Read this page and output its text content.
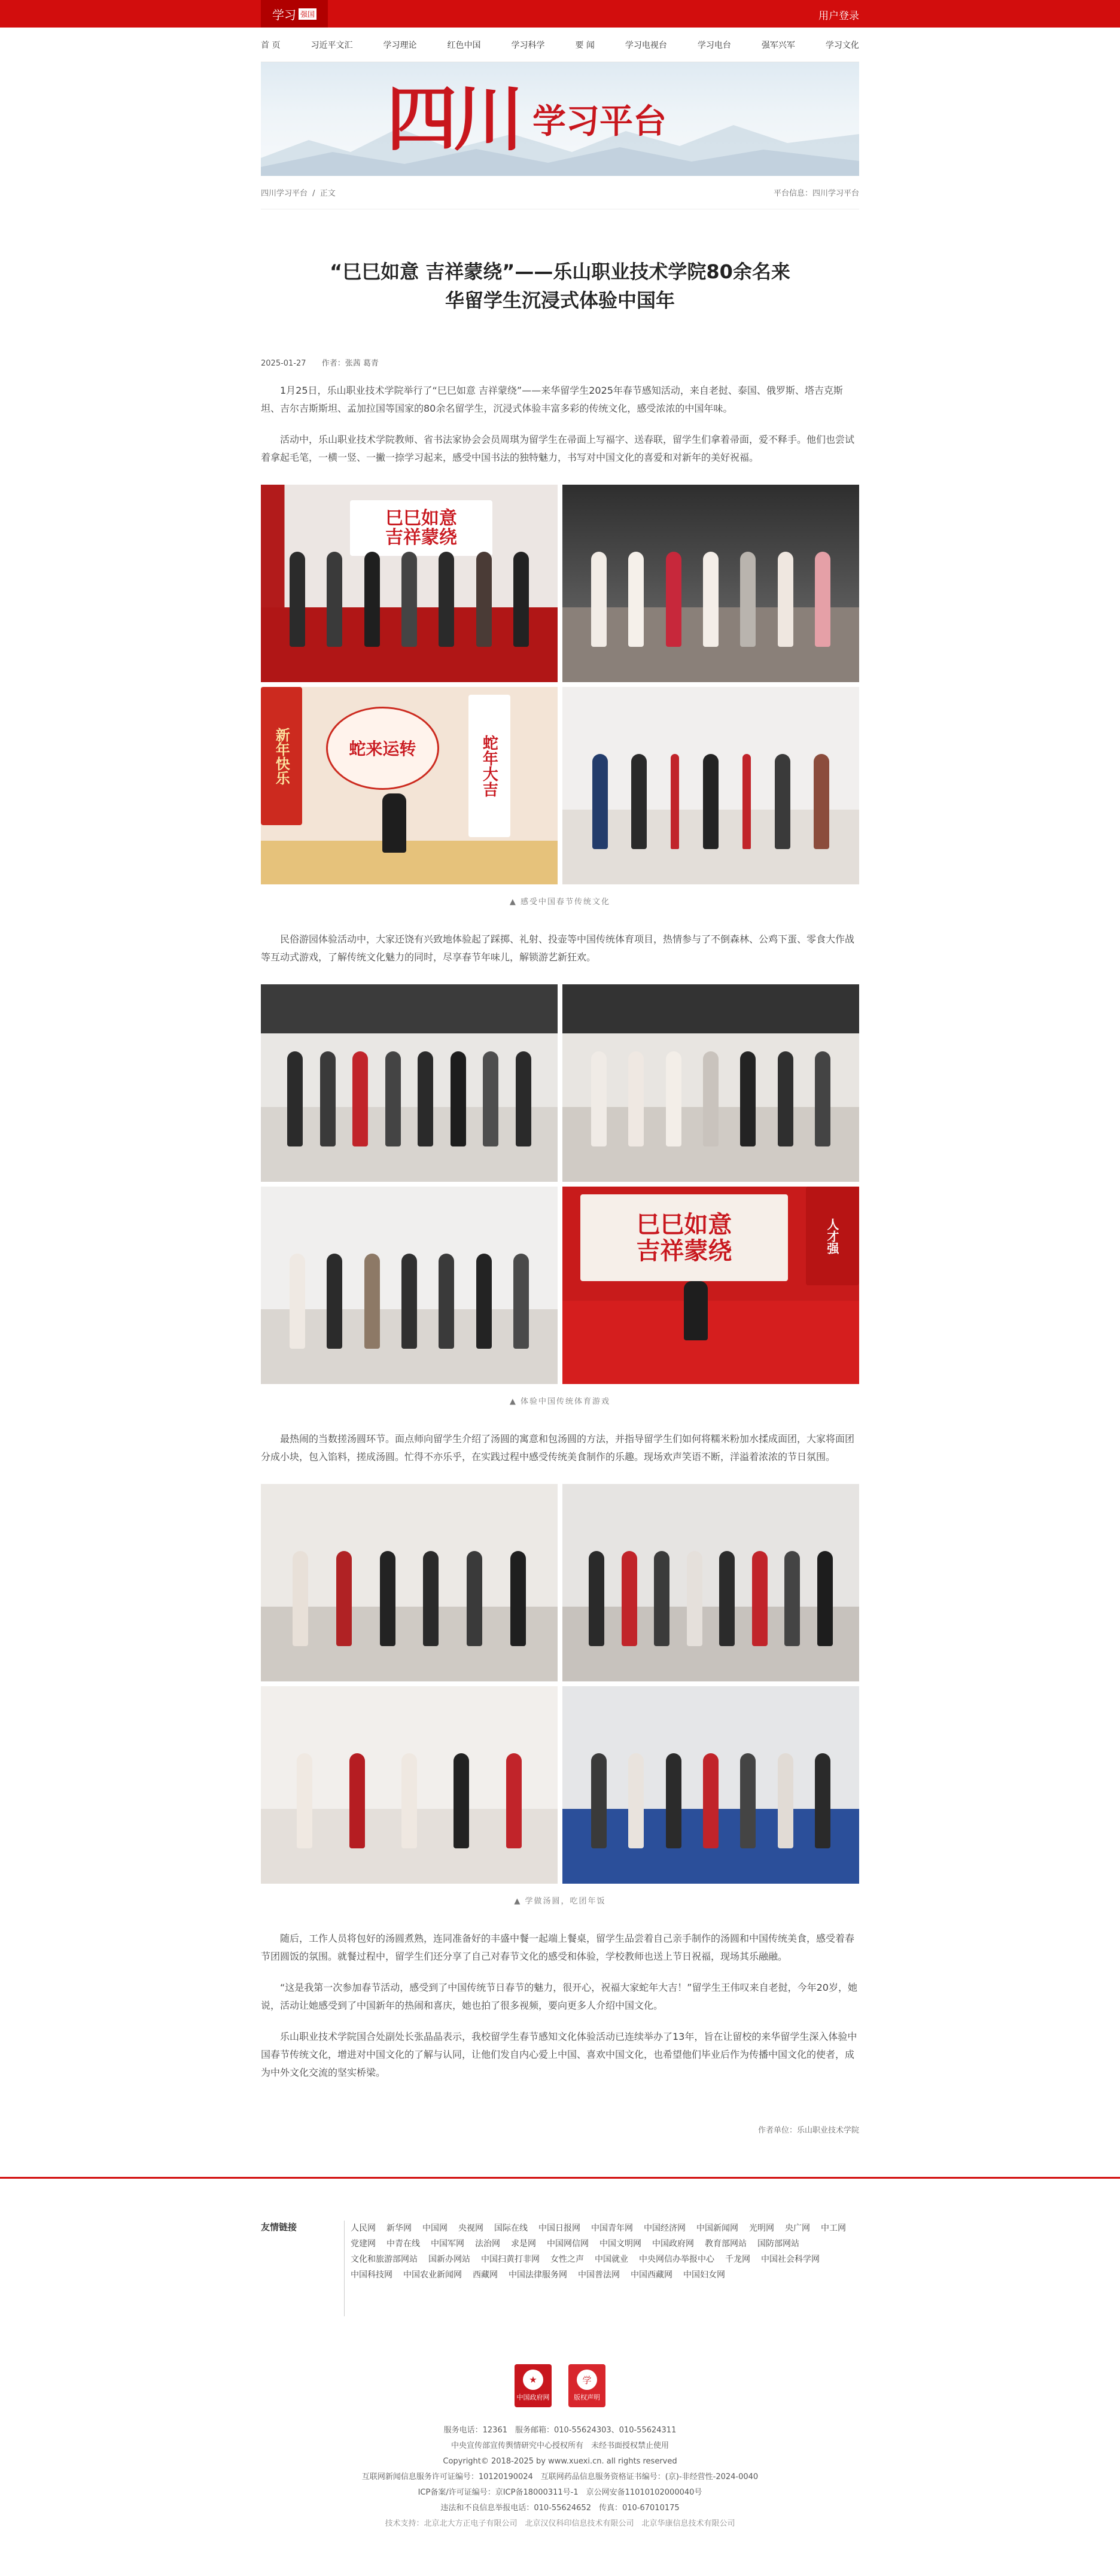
学习 强国	用户登录
首 页	习近平文汇	学习理论	红色中国	学习科学	要 闻	学习电视台	学习电台	强军兴军	学习文化
四川 学习平台
四川学习平台 / 正文	平台信息：四川学习平台
“巳巳如意 吉祥蒙绕”——乐山职业技术学院80余名来华留学生沉浸式体验中国年
2025-01-27 作者：张茜 葛青

1月25日，乐山职业技术学院举行了“巳巳如意 吉祥蒙绕”——来华留学生2025年春节感知活动，来自老挝、泰国、俄罗斯、塔吉克斯坦、吉尔吉斯斯坦、孟加拉国等国家的80余名留学生，沉浸式体验丰富多彩的传统文化，感受浓浓的中国年味。

活动中，乐山职业技术学院教师、省书法家协会会员周琪为留学生在帚面上写福字、送春联，留学生们拿着帚面，爱不释手。他们也尝试着拿起毛笔，一横一竖、一撇一捺学习起来，感受中国书法的独特魅力，书写对中国文化的喜爱和对新年的美好祝福。

巳巳如意
吉祥蒙绕
新年快乐	蛇来运转	蛇年大吉
▲ 感受中国春节传统文化

民俗游园体验活动中，大家还饶有兴致地体验起了踩掷、礼射、投壶等中国传统体育项目，热情参与了不倒森林、公鸡下蛋、零食大作战等互动式游戏，了解传统文化魅力的同时，尽享春节年味儿，解锁游艺新狂欢。

巳巳如意
吉祥蒙绕	人才强
▲ 体验中国传统体育游戏

最热闹的当数搓汤圆环节。面点师向留学生介绍了汤圆的寓意和包汤圆的方法，并指导留学生们如何将糯米粉加水揉成面团，大家将面团分成小块，包入馅料，搓成汤圆。忙得不亦乐乎，在实践过程中感受传统美食制作的乐趣。现场欢声笑语不断，洋溢着浓浓的节日氛围。

▲ 学做汤圆，吃团年饭

随后，工作人员将包好的汤圆煮熟，连同准备好的丰盛中餐一起端上餐桌，留学生品尝着自己亲手制作的汤圆和中国传统美食，感受着春节团圆饭的氛围。就餐过程中，留学生们还分享了自己对春节文化的感受和体验，学校教师也送上节日祝福，现场其乐融融。

“这是我第一次参加春节活动，感受到了中国传统节日春节的魅力，很开心，祝福大家蛇年大吉！”留学生王伟叹来自老挝，今年20岁，她说，活动让她感受到了中国新年的热闹和喜庆，她也拍了很多视频，要向更多人介绍中国文化。

乐山职业技术学院国合处副处长张晶晶表示，我校留学生春节感知文化体验活动已连续举办了13年，旨在让留校的来华留学生深入体验中国春节传统文化，增进对中国文化的了解与认同，让他们发自内心爱上中国、喜欢中国文化，也希望他们毕业后作为传播中国文化的使者，成为中外文化交流的坚实桥梁。

作者单位：乐山职业技术学院
友情链接	人民网 新华网 中国网 央视网 国际在线 中国日报网 中国青年网 中国经济网 中国新闻网 光明网 央广网 中工网
党建网 中青在线 中国军网 法治网 求是网 中国网信网 中国文明网 中国政府网 教育部网站 国防部网站
文化和旅游部网站 国新办网站 中国扫黄打非网 女性之声 中国就业 中央网信办举报中心 千龙网 中国社会科学网
中国科技网 中国农业新闻网 西藏网 中国法律服务网 中国普法网 中国西藏网 中国妇女网
★
中国政府网
学
版权声明
服务电话：12361　服务邮箱：010-55624303、010-55624311
中央宣传部宣传舆情研究中心授权所有　未经书面授权禁止使用
Copyright© 2018-2025 by www.xuexi.cn. all rights reserved
互联网新闻信息服务许可证编号：10120190024　互联网药品信息服务资格证书编号：(京)-非经营性-2024-0040
ICP备案/许可证编号：京ICP备18000311号-1　京公网安备11010102000040号
违法和不良信息举报电话：010-55624652　传真：010-67010175
技术支持：北京北大方正电子有限公司　北京汉仪科印信息技术有限公司　北京华康信息技术有限公司
